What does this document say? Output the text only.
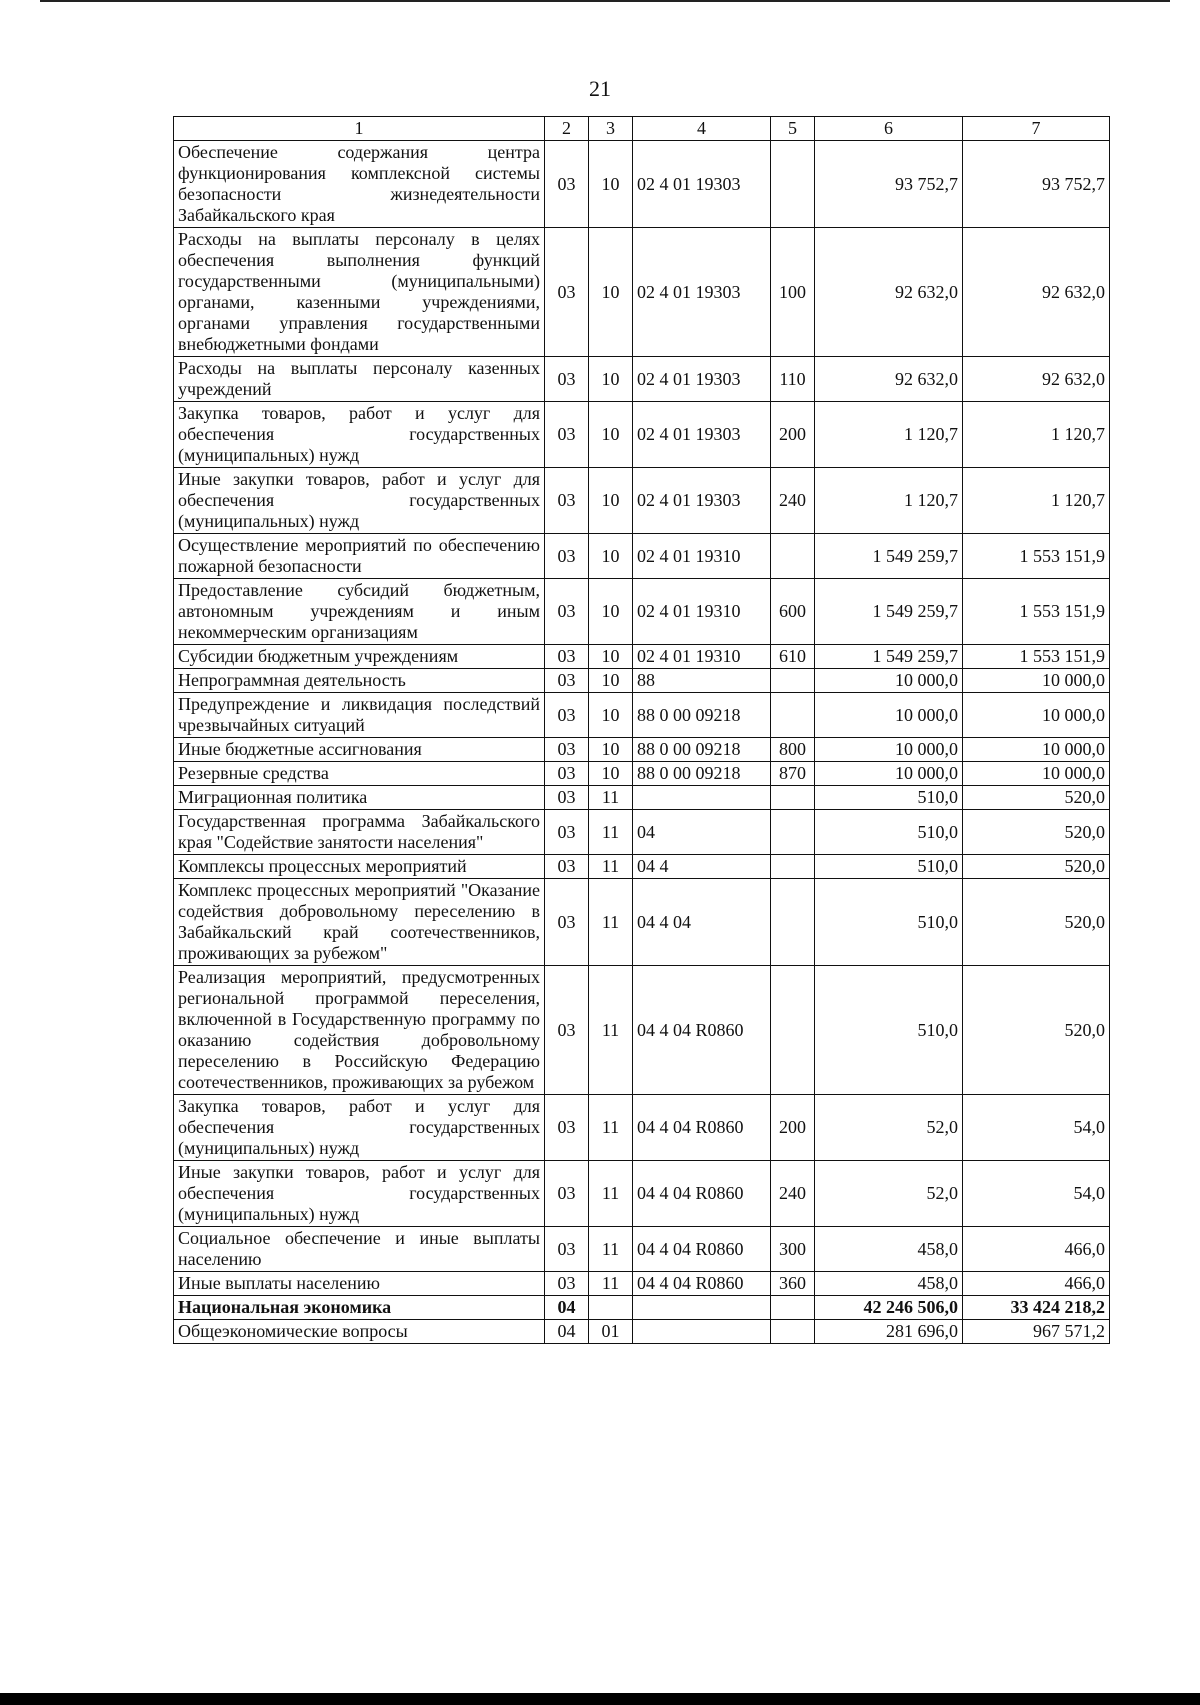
21
1	2	3	4	5	6	7
Обеспечение содержания центра функционирования комплексной системы безопасности жизнедеятельности Забайкальского края	03	10	02 4 01 19303		93 752,7	93 752,7
Расходы на выплаты персоналу в целях обеспечения выполнения функций государственными (муниципальными) органами, казенными учреждениями, органами управления государственными внебюджетными фондами	03	10	02 4 01 19303	100	92 632,0	92 632,0
Расходы на выплаты персоналу казенных учреждений	03	10	02 4 01 19303	110	92 632,0	92 632,0
Закупка товаров, работ и услуг для обеспечения государственных (муниципальных) нужд	03	10	02 4 01 19303	200	1 120,7	1 120,7
Иные закупки товаров, работ и услуг для обеспечения государственных (муниципальных) нужд	03	10	02 4 01 19303	240	1 120,7	1 120,7
Осуществление мероприятий по обеспечению пожарной безопасности	03	10	02 4 01 19310		1 549 259,7	1 553 151,9
Предоставление субсидий бюджетным, автономным учреждениям и иным некоммерческим организациям	03	10	02 4 01 19310	600	1 549 259,7	1 553 151,9
Субсидии бюджетным учреждениям	03	10	02 4 01 19310	610	1 549 259,7	1 553 151,9
Непрограммная деятельность	03	10	88		10 000,0	10 000,0
Предупреждение и ликвидация последствий чрезвычайных ситуаций	03	10	88 0 00 09218		10 000,0	10 000,0
Иные бюджетные ассигнования	03	10	88 0 00 09218	800	10 000,0	10 000,0
Резервные средства	03	10	88 0 00 09218	870	10 000,0	10 000,0
Миграционная политика	03	11			510,0	520,0
Государственная программа Забайкальского края "Содействие занятости населения"	03	11	04		510,0	520,0
Комплексы процессных мероприятий	03	11	04 4		510,0	520,0
Комплекс процессных мероприятий "Оказание содействия добровольному переселению в Забайкальский край соотечественников, проживающих за рубежом"	03	11	04 4 04		510,0	520,0
Реализация мероприятий, предусмотренных региональной программой переселения, включенной в Государственную программу по оказанию содействия добровольному переселению в Российскую Федерацию соотечественников, проживающих за рубежом	03	11	04 4 04 R0860		510,0	520,0
Закупка товаров, работ и услуг для обеспечения государственных (муниципальных) нужд	03	11	04 4 04 R0860	200	52,0	54,0
Иные закупки товаров, работ и услуг для обеспечения государственных (муниципальных) нужд	03	11	04 4 04 R0860	240	52,0	54,0
Социальное обеспечение и иные выплаты населению	03	11	04 4 04 R0860	300	458,0	466,0
Иные выплаты населению	03	11	04 4 04 R0860	360	458,0	466,0
Национальная экономика	04				42 246 506,0	33 424 218,2
Общеэкономические вопросы	04	01			281 696,0	967 571,2
